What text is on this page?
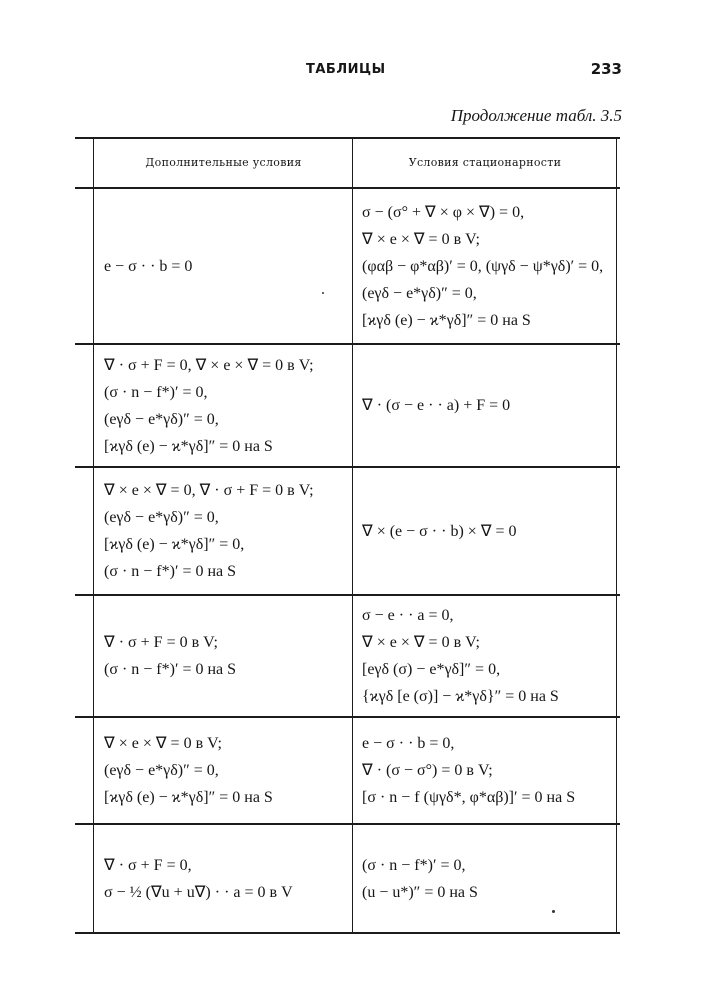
ТАБЛИЦЫ	233
Продолжение табл. 3.5
Дополнительные условия	Условия стационарности
e − σ · · b = 0
σ − (σ° + ∇ × φ × ∇) = 0,
∇ × e × ∇ = 0 в V;
(φαβ − φ*αβ)′ = 0, (ψγδ − ψ*γδ)′ = 0,
(eγδ − e*γδ)″ = 0,
[ϰγδ (e) − ϰ*γδ]″ = 0 на S
∇ · σ + F = 0, ∇ × e × ∇ = 0 в V;
(σ · n − f*)′ = 0,
(eγδ − e*γδ)″ = 0,
[ϰγδ (e) − ϰ*γδ]″ = 0 на S
∇ · (σ − e · · a) + F = 0
∇ × e × ∇ = 0, ∇ · σ + F = 0 в V;
(eγδ − e*γδ)″ = 0,
[ϰγδ (e) − ϰ*γδ]″ = 0,
(σ · n − f*)′ = 0 на S
∇ × (e − σ · · b) × ∇ = 0
∇ · σ + F = 0 в V;
(σ · n − f*)′ = 0 на S
σ − e · · a = 0,
∇ × e × ∇ = 0 в V;
[eγδ (σ) − e*γδ]″ = 0,
{ϰγδ [e (σ)] − ϰ*γδ}″ = 0 на S
∇ × e × ∇ = 0 в V;
(eγδ − e*γδ)″ = 0,
[ϰγδ (e) − ϰ*γδ]″ = 0 на S
e − σ · · b = 0,
∇ · (σ − σ°) = 0 в V;
[σ · n − f (ψγδ*, φ*αβ)]′ = 0 на S
∇ · σ + F = 0,
σ − ½ (∇u + u∇) · · a = 0 в V
(σ · n − f*)′ = 0,
(u − u*)″ = 0 на S
